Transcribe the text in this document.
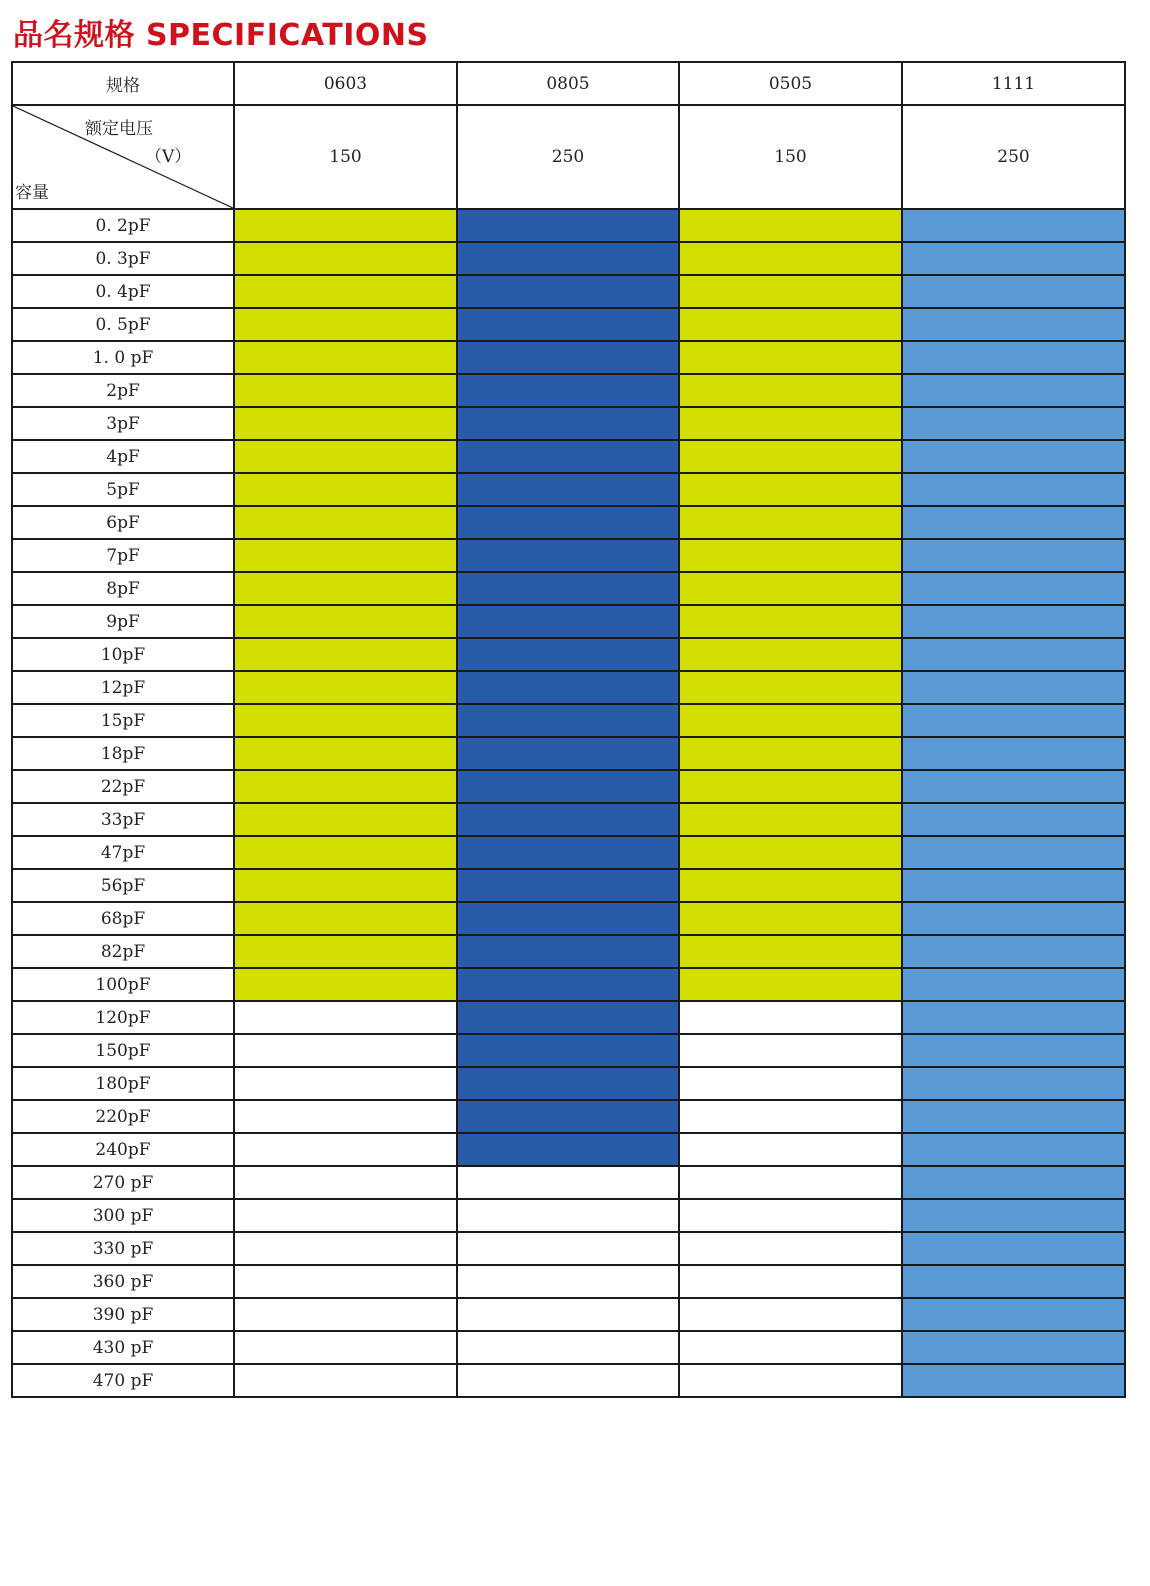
品名规格 SPECIFICATIONS
规格	0603	0805	0505	1111

额定电压
（V）
容量	150	250	150	250
0. 2pF				
0. 3pF				
0. 4pF				
0. 5pF				
1. 0 pF				
2pF				
3pF				
4pF				
5pF				
6pF				
7pF				
8pF				
9pF				
10pF				
12pF				
15pF				
18pF				
22pF				
33pF				
47pF				
56pF				
68pF				
82pF				
100pF				
120pF				
150pF				
180pF				
220pF				
240pF				
270 pF				
300 pF				
330 pF				
360 pF				
390 pF				
430 pF				
470 pF				
